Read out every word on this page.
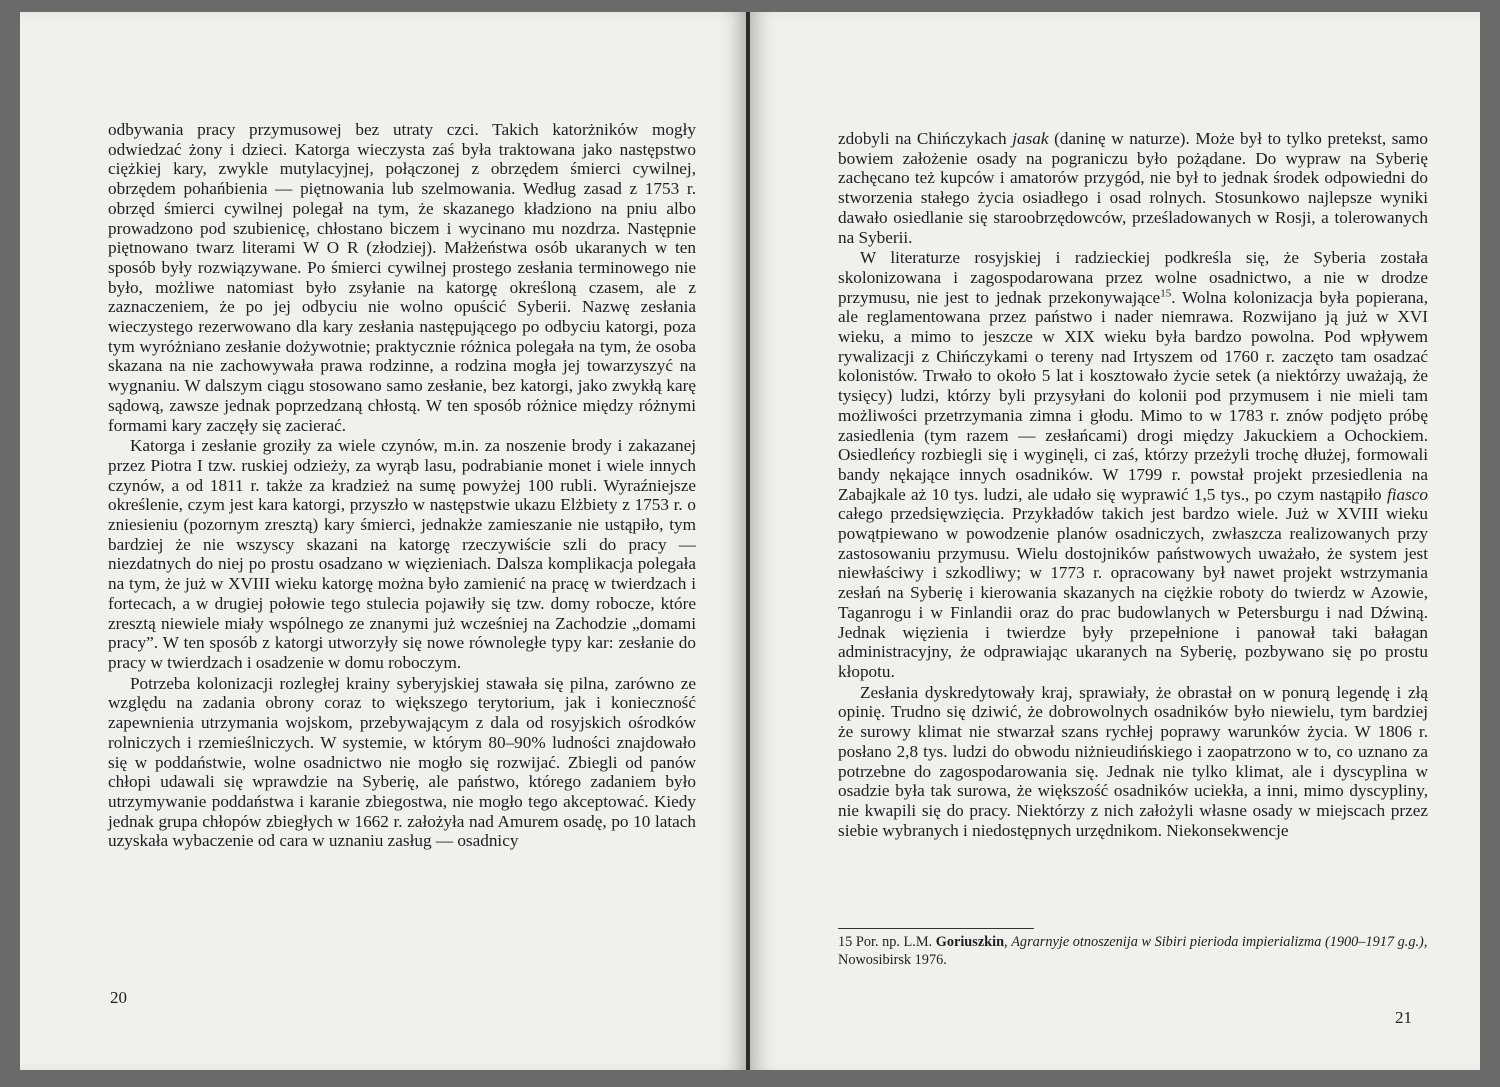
odbywania pracy przymusowej bez utraty czci. Takich katorżników mogły odwiedzać żony i dzieci. Katorga wieczysta zaś była traktowana jako następstwo ciężkiej kary, zwykle mutylacyjnej, połączonej z obrzędem śmierci cywilnej, obrzędem pohańbienia — piętnowania lub szelmowania. Według zasad z 1753 r. obrzęd śmierci cywilnej polegał na tym, że skazanego kładziono na pniu albo prowadzono pod szubienicę, chłostano biczem i wycinano mu nozdrza. Następnie piętnowano twarz literami W O R (złodziej). Małżeństwa osób ukaranych w ten sposób były rozwiązywane. Po śmierci cywilnej prostego zesłania terminowego nie było, możliwe natomiast było zsyłanie na katorgę określoną czasem, ale z zaznaczeniem, że po jej odbyciu nie wolno opuścić Syberii. Nazwę zesłania wieczystego rezerwowano dla kary zesłania następującego po odbyciu katorgi, poza tym wyróżniano zesłanie dożywotnie; praktycznie różnica polegała na tym, że osoba skazana na nie zachowywała prawa rodzinne, a rodzina mogła jej towarzyszyć na wygnaniu. W dalszym ciągu stosowano samo zesłanie, bez katorgi, jako zwykłą karę sądową, zawsze jednak poprzedzaną chłostą. W ten sposób różnice między różnymi formami kary zaczęły się zacierać.

Katorga i zesłanie groziły za wiele czynów, m.in. za noszenie brody i zakazanej przez Piotra I tzw. ruskiej odzieży, za wyrąb lasu, podrabianie monet i wiele innych czynów, a od 1811 r. także za kradzież na sumę powyżej 100 rubli. Wyraźniejsze określenie, czym jest kara katorgi, przyszło w następstwie ukazu Elżbiety z 1753 r. o zniesieniu (pozornym zresztą) kary śmierci, jednakże zamieszanie nie ustąpiło, tym bardziej że nie wszyscy skazani na katorgę rzeczywiście szli do pracy — niezdatnych do niej po prostu osadzano w więzieniach. Dalsza komplikacja polegała na tym, że już w XVIII wieku katorgę można było zamienić na pracę w twierdzach i fortecach, a w drugiej połowie tego stulecia pojawiły się tzw. domy robocze, które zresztą niewiele miały wspólnego ze znanymi już wcześniej na Zachodzie „domami pracy”. W ten sposób z katorgi utworzyły się nowe równoległe typy kar: zesłanie do pracy w twierdzach i osadzenie w domu roboczym.

Potrzeba kolonizacji rozległej krainy syberyjskiej stawała się pilna, zarówno ze względu na zadania obrony coraz to większego terytorium, jak i konieczność zapewnienia utrzymania wojskom, przebywającym z dala od rosyjskich ośrodków rolniczych i rzemieślniczych. W systemie, w którym 80–90% ludności znajdowało się w poddaństwie, wolne osadnictwo nie mogło się rozwijać. Zbiegli od panów chłopi udawali się wprawdzie na Syberię, ale państwo, którego zadaniem było utrzymywanie poddaństwa i karanie zbiegostwa, nie mogło tego akceptować. Kiedy jednak grupa chłopów zbiegłych w 1662 r. założyła nad Amurem osadę, po 10 latach uzyskała wybaczenie od cara w uznaniu zasług — osadnicy

20

zdobyli na Chińczykach jasak (daninę w naturze). Może był to tylko pretekst, samo bowiem założenie osady na pograniczu było pożądane. Do wypraw na Syberię zachęcano też kupców i amatorów przygód, nie był to jednak środek odpowiedni do stworzenia stałego życia osiadłego i osad rolnych. Stosunkowo najlepsze wyniki dawało osiedlanie się staroobrzędowców, prześladowanych w Rosji, a tolerowanych na Syberii.

W literaturze rosyjskiej i radzieckiej podkreśla się, że Syberia została skolonizowana i zagospodarowana przez wolne osadnictwo, a nie w drodze przymusu, nie jest to jednak przekonywające$^{15}$. Wolna kolonizacja była popierana, ale reglamentowana przez państwo i nader niemrawa. Rozwijano ją już w XVI wieku, a mimo to jeszcze w XIX wieku była bardzo powolna. Pod wpływem rywalizacji z Chińczykami o tereny nad Irtyszem od 1760 r. zaczęto tam osadzać kolonistów. Trwało to około 5 lat i kosztowało życie setek (a niektórzy uważają, że tysięcy) ludzi, którzy byli przysyłani do kolonii pod przymusem i nie mieli tam możliwości przetrzymania zimna i głodu. Mimo to w 1783 r. znów podjęto próbę zasiedlenia (tym razem — zesłańcami) drogi między Jakuckiem a Ochockiem. Osiedleńcy rozbiegli się i wyginęli, ci zaś, którzy przeżyli trochę dłużej, formowali bandy nękające innych osadników. W 1799 r. powstał projekt przesiedlenia na Zabajkale aż 10 tys. ludzi, ale udało się wyprawić 1,5 tys., po czym nastąpiło fiasco całego przedsięwzięcia. Przykładów takich jest bardzo wiele. Już w XVIII wieku powątpiewano w powodzenie planów osadniczych, zwłaszcza realizowanych przy zastosowaniu przymusu. Wielu dostojników państwowych uważało, że system jest niewłaściwy i szkodliwy; w 1773 r. opracowany był nawet projekt wstrzymania zesłań na Syberię i kierowania skazanych na ciężkie roboty do twierdz w Azowie, Taganrogu i w Finlandii oraz do prac budowlanych w Petersburgu i nad Dźwiną. Jednak więzienia i twierdze były przepełnione i panował taki bałagan administracyjny, że odprawiając ukaranych na Syberię, pozbywano się po prostu kłopotu.

Zesłania dyskredytowały kraj, sprawiały, że obrastał on w ponurą legendę i złą opinię. Trudno się dziwić, że dobrowolnych osadników było niewielu, tym bardziej że surowy klimat nie stwarzał szans rychłej poprawy warunków życia. W 1806 r. posłano 2,8 tys. ludzi do obwodu niżnieudińskiego i zaopatrzono w to, co uznano za potrzebne do zagospodarowania się. Jednak nie tylko klimat, ale i dyscyplina w osadzie była tak surowa, że większość osadników uciekła, a inni, mimo dyscypliny, nie kwapili się do pracy. Niektórzy z nich założyli własne osady w miejscach przez siebie wybranych i niedostępnych urzędnikom. Niekonsekwencje

15 Por. np. L.M. Goriuszkin, Agrarnyje otnoszenija w Sibiri pierioda impierializma (1900–1917 g.g.), Nowosibirsk 1976.
21
